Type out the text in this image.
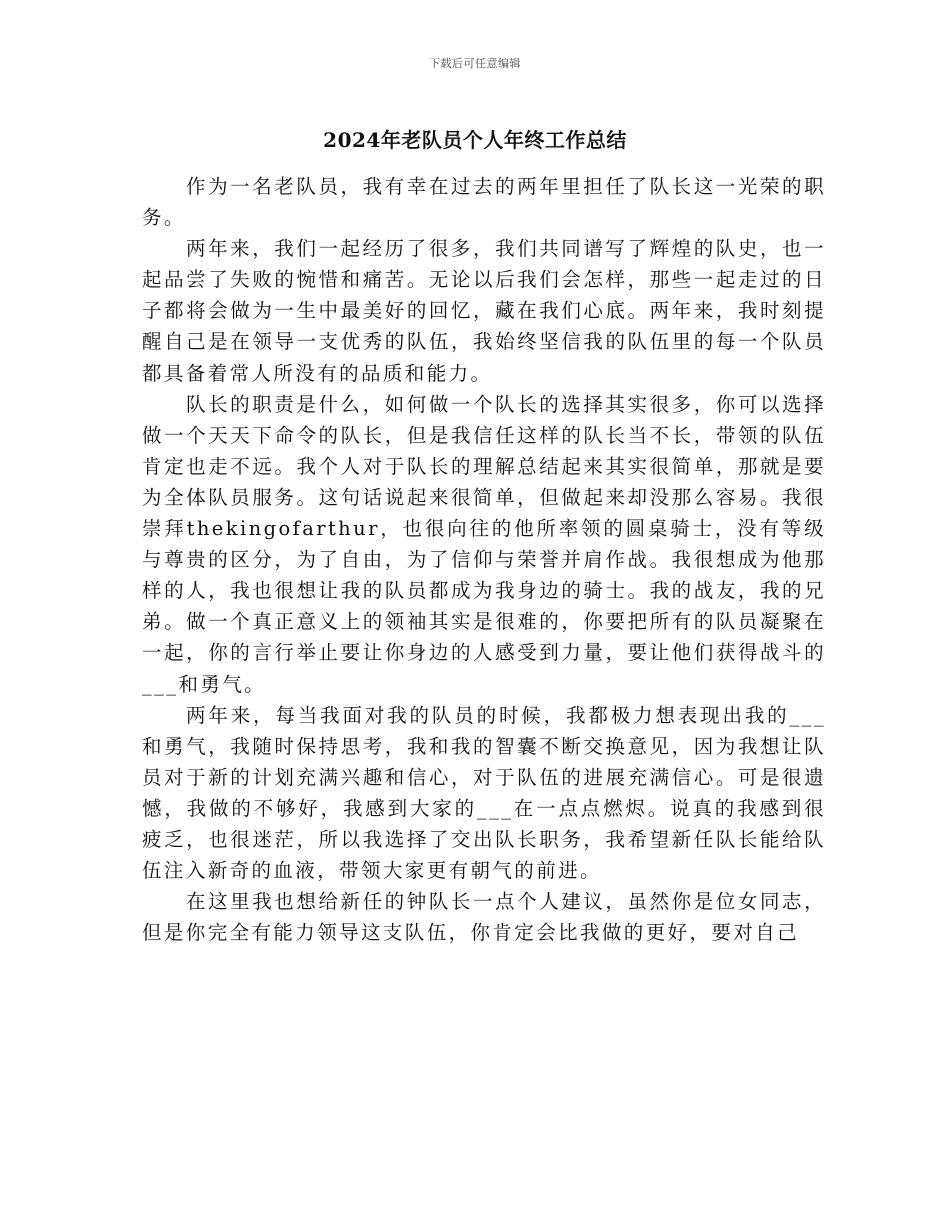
下载后可任意编辑
2024年老队员个人年终工作总结

作为一名老队员，我有幸在过去的两年里担任了队长这一光荣的职务。

两年来，我们一起经历了很多，我们共同谱写了辉煌的队史，也一起品尝了失败的惋惜和痛苦。无论以后我们会怎样，那些一起走过的日子都将会做为一生中最美好的回忆，藏在我们心底。两年来，我时刻提醒自己是在领导一支优秀的队伍，我始终坚信我的队伍里的每一个队员都具备着常人所没有的品质和能力。

队长的职责是什么，如何做一个队长的选择其实很多，你可以选择做一个天天下命令的队长，但是我信任这样的队长当不长，带领的队伍肯定也走不远。我个人对于队长的理解总结起来其实很简单，那就是要为全体队员服务。这句话说起来很简单，但做起来却没那么容易。我很崇拜thekingofarthur，也很向往的他所率领的圆桌骑士，没有等级与尊贵的区分，为了自由，为了信仰与荣誉并肩作战。我很想成为他那样的人，我也很想让我的队员都成为我身边的骑士。我的战友，我的兄弟。做一个真正意义上的领袖其实是很难的，你要把所有的队员凝聚在一起，你的言行举止要让你身边的人感受到力量，要让他们获得战斗的___和勇气。

两年来，每当我面对我的队员的时候，我都极力想表现出我的___和勇气，我随时保持思考，我和我的智囊不断交换意见，因为我想让队员对于新的计划充满兴趣和信心，对于队伍的进展充满信心。可是很遗憾，我做的不够好，我感到大家的___在一点点燃烬。说真的我感到很疲乏，也很迷茫，所以我选择了交出队长职务，我希望新任队长能给队伍注入新奇的血液，带领大家更有朝气的前进。

在这里我也想给新任的钟队长一点个人建议，虽然你是位女同志，但是你完全有能力领导这支队伍，你肯定会比我做的更好，要对自己
